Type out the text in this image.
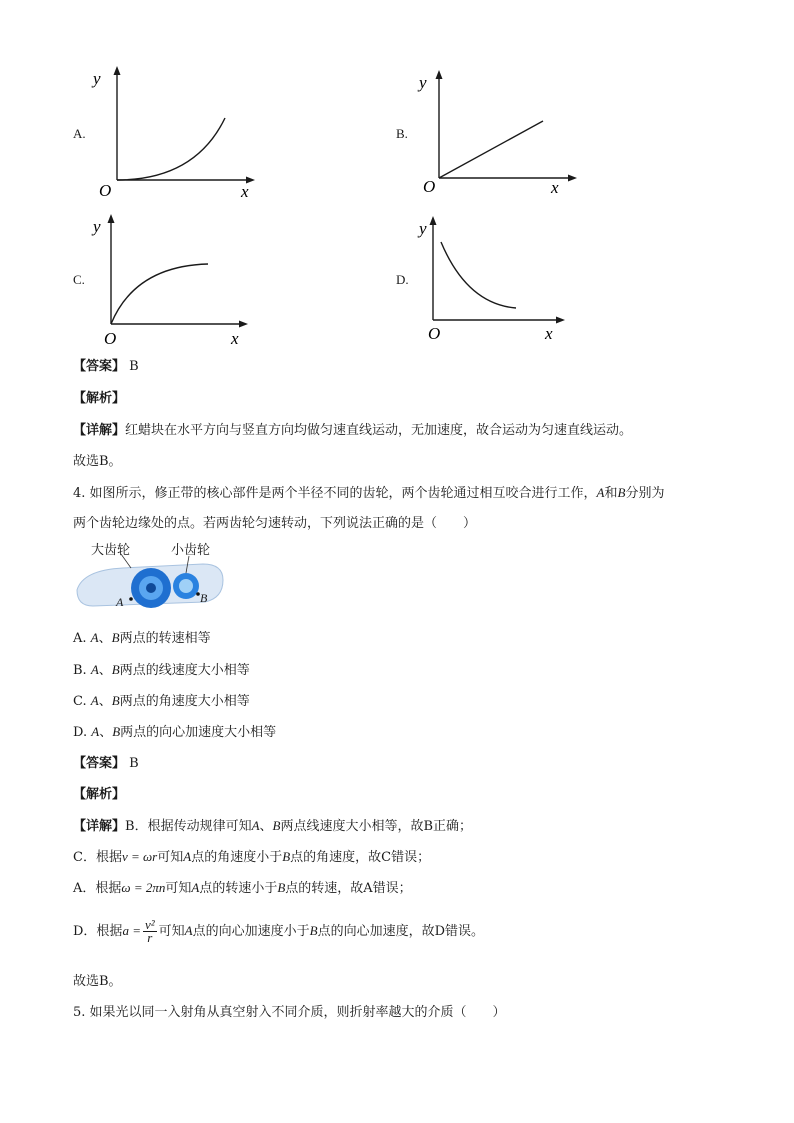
A.
y
O	x
B.
y
O	x
C.
y
O	x
D.
y
O	x
【答案】 B
【解析】
【详解】红蜡块在水平方向与竖直方向均做匀速直线运动，无加速度，故合运动为匀速直线运动。
故选B。
4. 如图所示，修正带的核心部件是两个半径不同的齿轮，两个齿轮通过相互咬合进行工作，A和B分别为
两个齿轮边缘处的点。若两齿轮匀速转动，下列说法正确的是（　　）
大齿轮	小齿轮
A	B
A. A、B两点的转速相等
B. A、B两点的线速度大小相等
C. A、B两点的角速度大小相等
D. A、B两点的向心加速度大小相等
【答案】 B
【解析】
【详解】B．根据传动规律可知A、B两点线速度大小相等，故B正确；
C．根据v = ωr可知A点的角速度小于B点的角速度，故C错误；
A．根据ω = 2πn可知A点的转速小于B点的转速，故A错误；
D．根据$a = \frac{\text{v²}}{r}$ 可知A点的向心加速度小于B点的向心加速度，故D错误。
故选B。
5. 如果光以同一入射角从真空射入不同介质，则折射率越大的介质（　　）
